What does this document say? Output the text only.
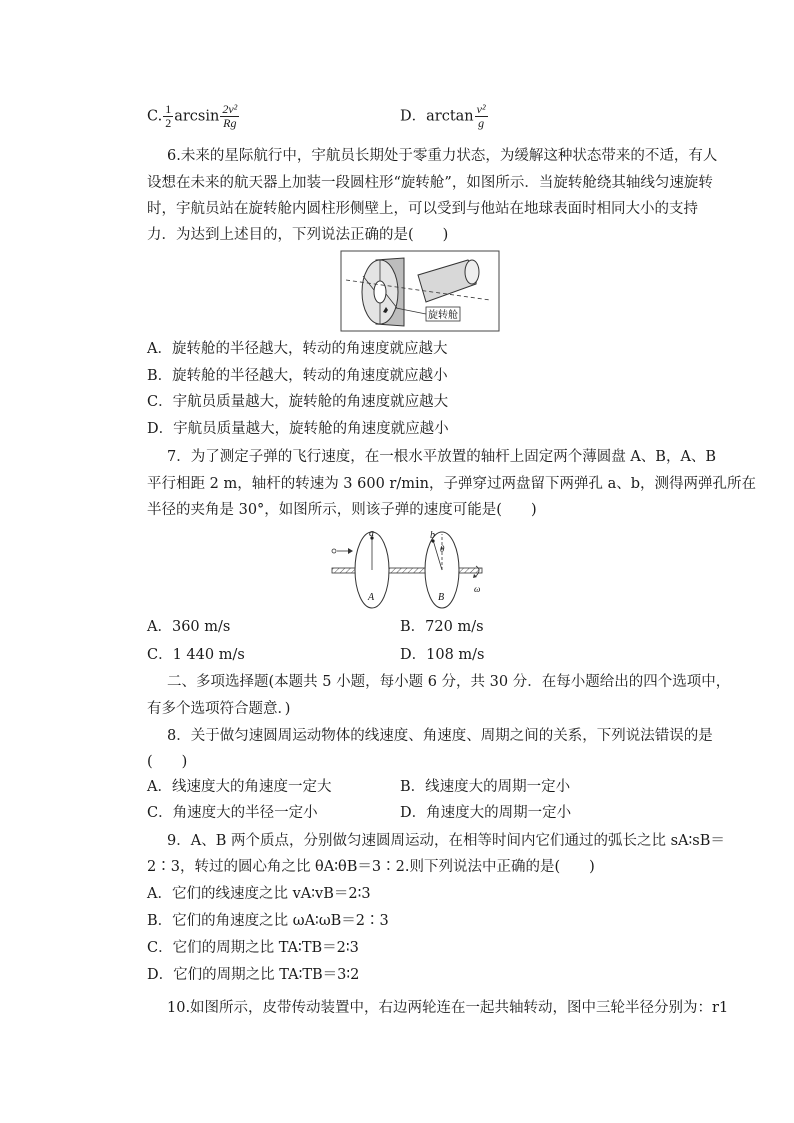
C. $\frac{1}{2}$ $\arcsin \frac{\text{2v²}}{Rg}$	D．$\arctan \frac{\text{v²}}{g}$
6.未来的星际航行中，宇航员长期处于零重力状态，为缓解这种状态带来的不适，有人
设想在未来的航天器上加装一段圆柱形“旋转舱”，如图所示．当旋转舱绕其轴线匀速旋转
时，宇航员站在旋转舱内圆柱形侧壁上，可以受到与他站在地球表面时相同大小的支持
力．为达到上述目的，下列说法正确的是(　　)
旋转舱
A．旋转舱的半径越大，转动的角速度就应越大
B．旋转舱的半径越大，转动的角速度就应越小
C．宇航员质量越大，旋转舱的角速度就应越大
D．宇航员质量越大，旋转舱的角速度就应越小
7．为了测定子弹的飞行速度，在一根水平放置的轴杆上固定两个薄圆盘 A、B，A、B
平行相距 2 m，轴杆的转速为 3 600 r/min，子弹穿过两盘留下两弹孔 a、b，测得两弹孔所在
半径的夹角是 30°，如图所示，则该子弹的速度可能是(　　)
a
A
b
θ
B
ω
A．360 m/s	B．720 m/s
C．1 440 m/s	D．108 m/s
二、多项选择题(本题共 5 小题，每小题 6 分，共 30 分．在每小题给出的四个选项中，
有多个选项符合题意．)
8．关于做匀速圆周运动物体的线速度、角速度、周期之间的关系，下列说法错误的是
(　　)
A．线速度大的角速度一定大	B．线速度大的周期一定小
C．角速度大的半径一定小	D．角速度大的周期一定小
9．A、B 两个质点，分别做匀速圆周运动，在相等时间内它们通过的弧长之比 sA∶sB＝
2∶3，转过的圆心角之比 θA∶θB＝3∶2.则下列说法中正确的是(　　)
A．它们的线速度之比 vA∶vB＝2∶3
B．它们的角速度之比 ωA∶ωB＝2∶3
C．它们的周期之比 TA∶TB＝2∶3
D．它们的周期之比 TA∶TB＝3∶2
10.如图所示，皮带传动装置中，右边两轮连在一起共轴转动，图中三轮半径分别为：r1
